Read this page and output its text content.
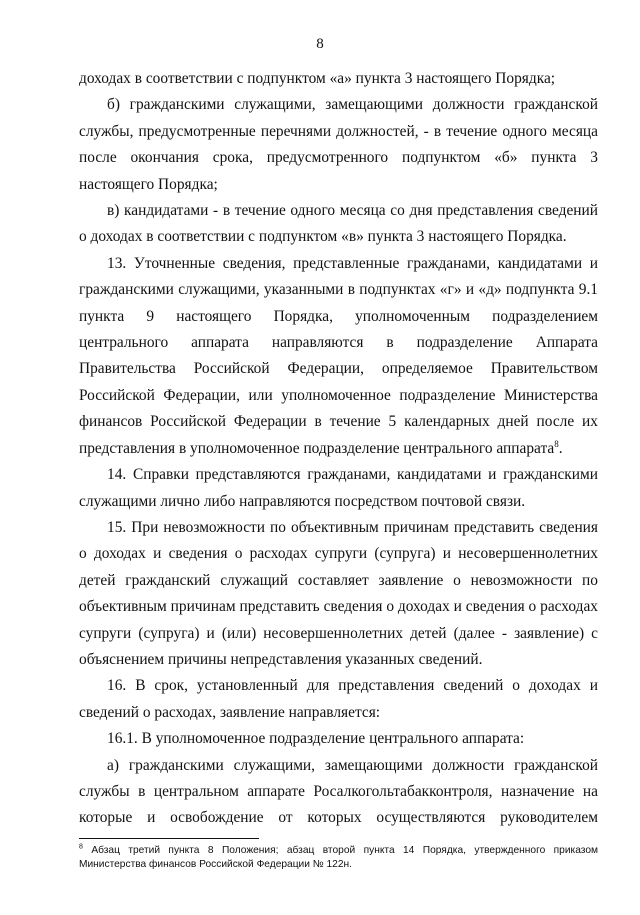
8

доходах в соответствии с подпунктом «а» пункта 3 настоящего Порядка;

б) гражданскими служащими, замещающими должности гражданской службы, предусмотренные перечнями должностей, - в течение одного месяца после окончания срока, предусмотренного подпунктом «б» пункта 3 настоящего Порядка;

в) кандидатами - в течение одного месяца со дня представления сведений о доходах в соответствии с подпунктом «в» пункта 3 настоящего Порядка.

13. Уточненные сведения, представленные гражданами, кандидатами и гражданскими служащими, указанными в подпунктах «г» и «д» подпункта 9.1 пункта 9 настоящего Порядка, уполномоченным подразделением центрального аппарата направляются в подразделение Аппарата Правительства Российской Федерации, определяемое Правительством Российской Федерации, или уполномоченное подразделение Министерства финансов Российской Федерации в течение 5 календарных дней после их представления в уполномоченное подразделение центрального аппарата$^8$.

14. Справки представляются гражданами, кандидатами и гражданскими служащими лично либо направляются посредством почтовой связи.

15. При невозможности по объективным причинам представить сведения о доходах и сведения о расходах супруги (супруга) и несовершеннолетних детей гражданский служащий составляет заявление о невозможности по объективным причинам представить сведения о доходах и сведения о расходах супруги (супруга) и (или) несовершеннолетних детей (далее - заявление) с объяснением причины непредставления указанных сведений.

16. В срок, установленный для представления сведений о доходах и сведений о расходах, заявление направляется:

16.1. В уполномоченное подразделение центрального аппарата:

а) гражданскими служащими, замещающими должности гражданской службы в центральном аппарате Росалкогольтабакконтроля, назначение на которые и освобождение от которых осуществляются руководителем

$^8$ Абзац третий пункта 8 Положения; абзац второй пункта 14 Порядка, утвержденного приказом Министерства финансов Российской Федерации № 122н.
